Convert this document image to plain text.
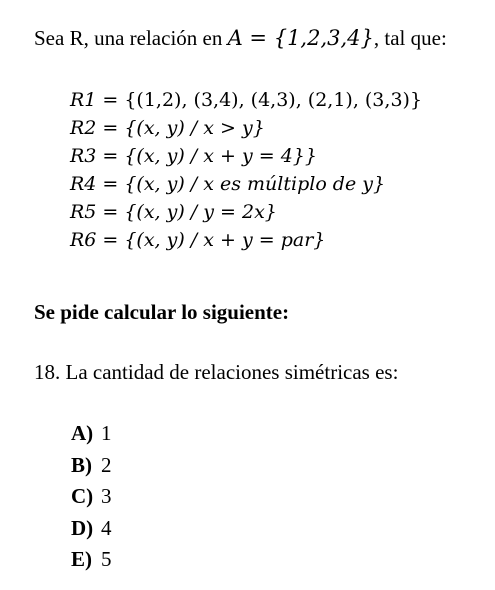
Sea R, una relación en A = {1,2,3,4}, tal que:
R1 = {(1,2), (3,4), (4,3), (2,1), (3,3)}
R2 = {(x, y) / x > y}
R3 = {(x, y) / x + y = 4}}
R4 = {(x, y) / x es múltiplo de y}
R5 = {(x, y) / y = 2x}
R6 = {(x, y) / x + y = par}
Se pide calcular lo siguiente:
18. La cantidad de relaciones simétricas es:
A) 1
B) 2
C) 3
D) 4
E) 5
